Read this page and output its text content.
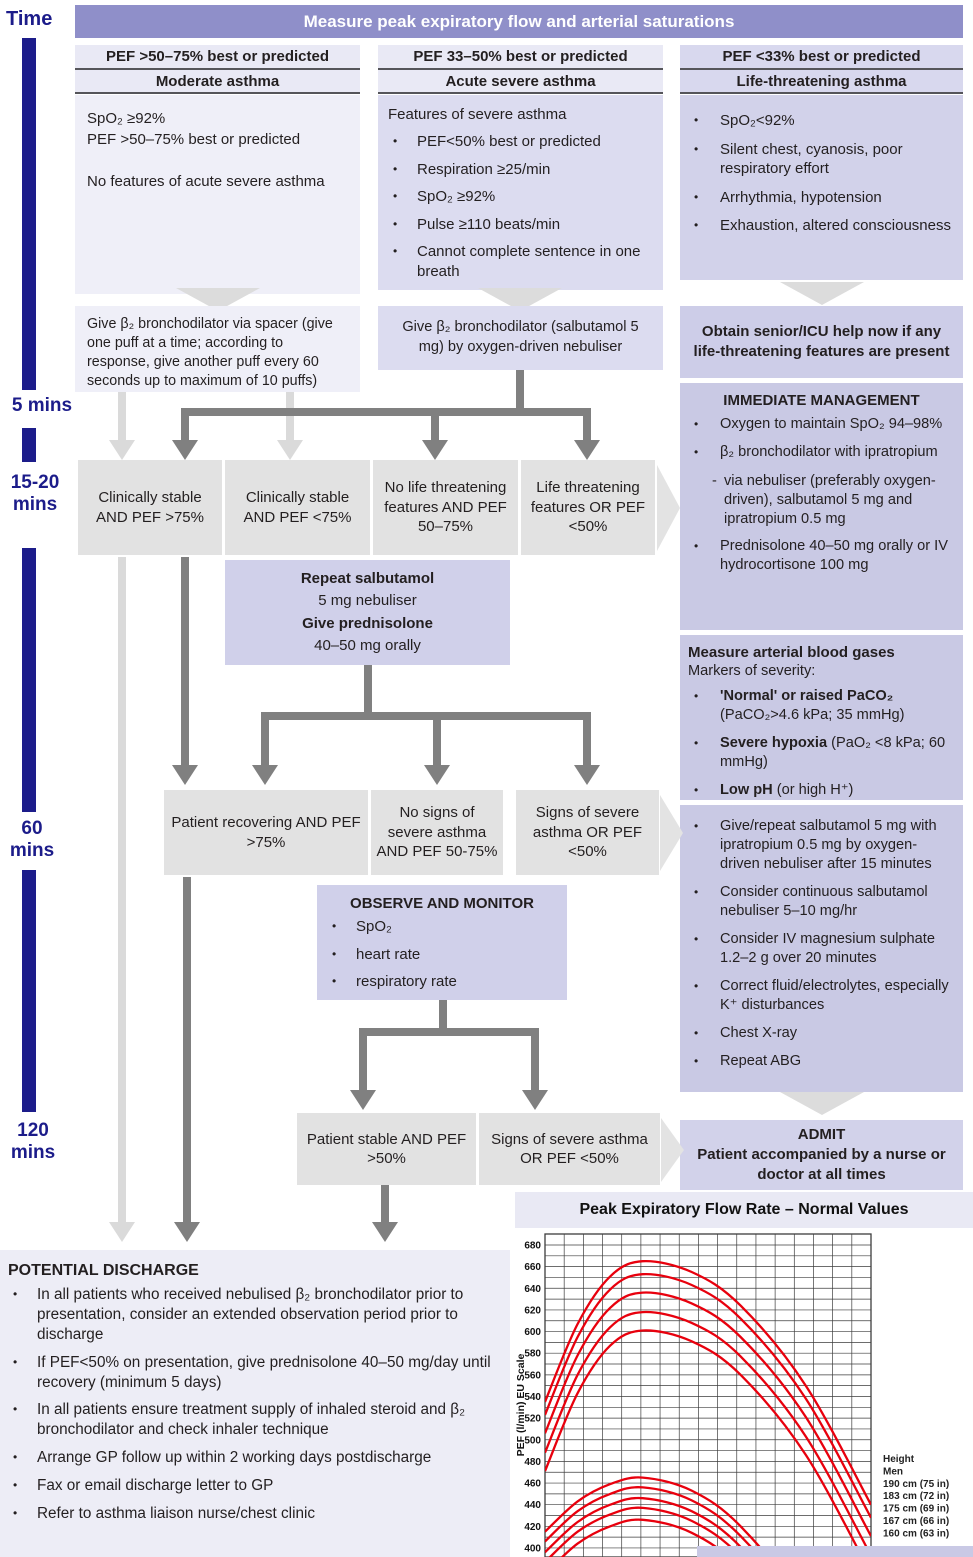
Time	Measure peak expiratory flow and arterial saturations
5 mins
15-20 mins
60 mins
120 mins
PEF >50–75% best or predicted
Moderate asthma
SpO₂ ≥92%
PEF >50–75% best or predicted

No features of acute severe asthma
Give β₂ bronchodilator via spacer (give one puff at a time; according to response, give another puff every 60 seconds up to maximum of 10 puffs)
PEF 33–50% best or predicted
Acute severe asthma
Features of severe asthma
•	PEF<50% best or predicted
•	Respiration ≥25/min
•	SpO₂ ≥92%
•	Pulse ≥110 beats/min
•	Cannot complete sentence in one breath
Give β₂ bronchodilator (salbutamol 5 mg) by oxygen-driven nebuliser
PEF <33% best or predicted
Life-threatening asthma
•	SpO₂<92%
•	Silent chest, cyanosis, poor respiratory effort
•	Arrhythmia, hypotension
•	Exhaustion, altered consciousness
Obtain senior/ICU help now if any life-threatening features are present
IMMEDIATE MANAGEMENT
•	Oxygen to maintain SpO₂ 94–98%
•	β₂ bronchodilator with ipratropium
- via nebuliser (preferably oxygen-driven), salbutamol 5 mg and ipratropium 0.5 mg
•	Prednisolone 40–50 mg orally or IV hydrocortisone 100 mg
Measure arterial blood gases
Markers of severity:
•	'Normal' or raised PaCO₂ (PaCO₂>4.6 kPa; 35 mmHg)
•	Severe hypoxia (PaO₂ <8 kPa; 60 mmHg)
•	Low pH (or high H⁺)
•	Give/repeat salbutamol 5 mg with ipratropium 0.5 mg by oxygen-driven nebuliser after 15 minutes
•	Consider continuous salbutamol nebuliser 5–10 mg/hr
•	Consider IV magnesium sulphate 1.2–2 g over 20 minutes
•	Correct fluid/electrolytes, especially K⁺ disturbances
•	Chest X-ray
•	Repeat ABG
ADMIT
Patient accompanied by a nurse or doctor at all times
Clinically stable AND PEF >75%
Clinically stable AND PEF <75%
No life threatening features AND PEF 50–75%
Life threatening features OR PEF <50%
Repeat salbutamol
5 mg nebuliser
Give prednisolone
40–50 mg orally
Patient recovering AND PEF >75%
No signs of severe asthma AND PEF 50-75%
Signs of severe asthma OR PEF <50%
OBSERVE AND MONITOR
•	SpO₂
•	heart rate
•	respiratory rate
Patient stable AND PEF >50%
Signs of severe asthma OR PEF <50%
POTENTIAL DISCHARGE
•	In all patients who received nebulised β₂ bronchodilator prior to presentation, consider an extended observation period prior to discharge
•	If PEF<50% on presentation, give prednisolone 40–50 mg/day until recovery (minimum 5 days)
•	In all patients ensure treatment supply of inhaled steroid and β₂ bronchodilator and check inhaler technique
•	Arrange GP follow up within 2 working days postdischarge
•	Fax or email discharge letter to GP
•	Refer to asthma liaison nurse/chest clinic
Peak Expiratory Flow Rate – Normal Values
680
660
640
620
600
580
560
540
520
500
480
460
440
420
400
PEF (l/min) EU Scale
Height
Men
190 cm (75 in)
183 cm (72 in)
175 cm (69 in)
167 cm (66 in)
160 cm (63 in)
